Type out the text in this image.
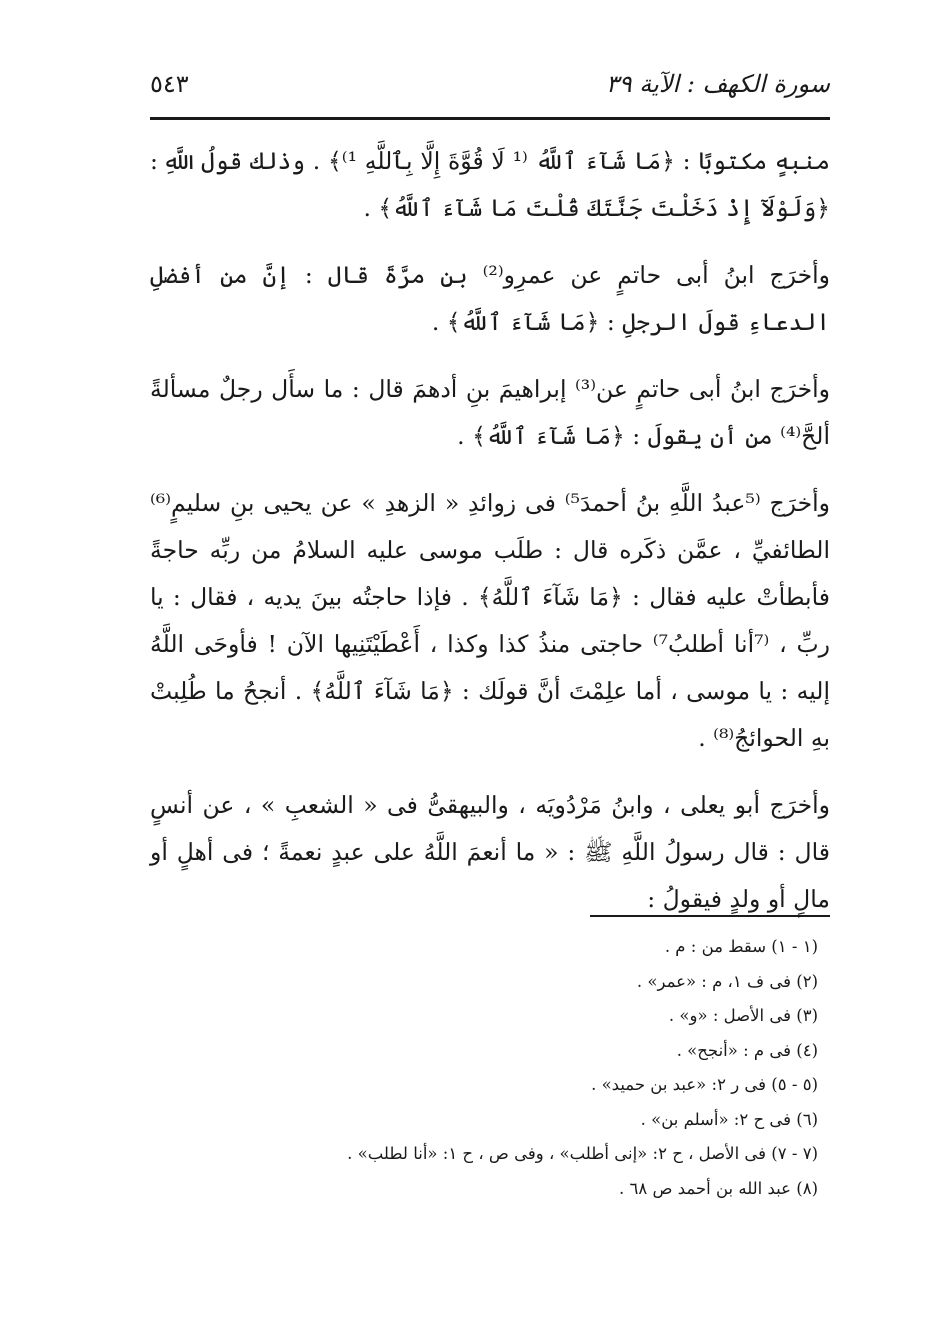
سورة الكهف : الآية ٣٩
٥٤٣

منبهٍ مكتوبًا : ﴿مَا شَآءَ ٱللَّهُ ⁽¹ لَا قُوَّةَ إِلَّا بِٱللَّهِ ¹⁾﴾ . وذلك قولُ اللَّهِ : ﴿وَلَوْلَآ إِذْ دَخَلْتَ جَنَّتَكَ قُلْتَ مَا شَآءَ ٱللَّهُ﴾ .

وأخرَج ابنُ أبى حاتمٍ عن عمرِو⁽²⁾ بنِ مرَّةَ قال : إنَّ من أفضلِ الدعاءِ قولَ الرجلِ : ﴿مَا شَآءَ ٱللَّهُ﴾ .

وأخرَج ابنُ أبى حاتمٍ عن⁽³⁾ إبراهيمَ بنِ أدهمَ قال : ما سأَل رجلٌ مسألةً ألحَّ⁽⁴⁾ من أن يقولَ : ﴿مَا شَآءَ ٱللَّهُ﴾ .

وأخرَج ⁽⁵عبدُ اللَّهِ بنُ أحمدَ⁵⁾ فى زوائدِ « الزهدِ » عن يحيى بنِ سليمٍ⁽⁶⁾ الطائفيِّ ، عمَّن ذكَره قال : طلَب موسى عليه السلامُ من ربِّه حاجةً فأبطأتْ عليه فقال : ﴿مَا شَآءَ ٱللَّهُ﴾ . فإذا حاجتُه بينَ يديه ، فقال : يا ربِّ ، ⁽⁷أنا أطلبُ⁷⁾ حاجتى منذُ كذا وكذا ، أَعْطَيْتَنِيها الآن ! فأوحَى اللَّهُ إليه : يا موسى ، أما علِمْتَ أنَّ قولَك : ﴿مَا شَآءَ ٱللَّهُ﴾ . أنجحُ ما طُلِبتْ بهِ الحوائجُ⁽⁸⁾ .

وأخرَج أبو يعلى ، وابنُ مَرْدُويَه ، والبيهقىُّ فى « الشعبِ » ، عن أنسٍ قال : قال رسولُ اللَّهِ ﷺ : « ما أنعمَ اللَّهُ على عبدٍ نعمةً ؛ فى أهلٍ أو مالٍ أو ولدٍ فيقولُ :

(١ - ١) سقط من : م .
(٢) فى ف ١، م : «عمر» .
(٣) فى الأصل : «و» .
(٤) فى م : «أنجح» .
(٥ - ٥) فى ر ٢: «عبد بن حميد» .
(٦) فى ح ٢: «أسلم بن» .
(٧ - ٧) فى الأصل ، ح ٢: «إنى أطلب» ، وفى ص ، ح ١: «أنا لطلب» .
(٨) عبد الله بن أحمد ص ٦٨ .
